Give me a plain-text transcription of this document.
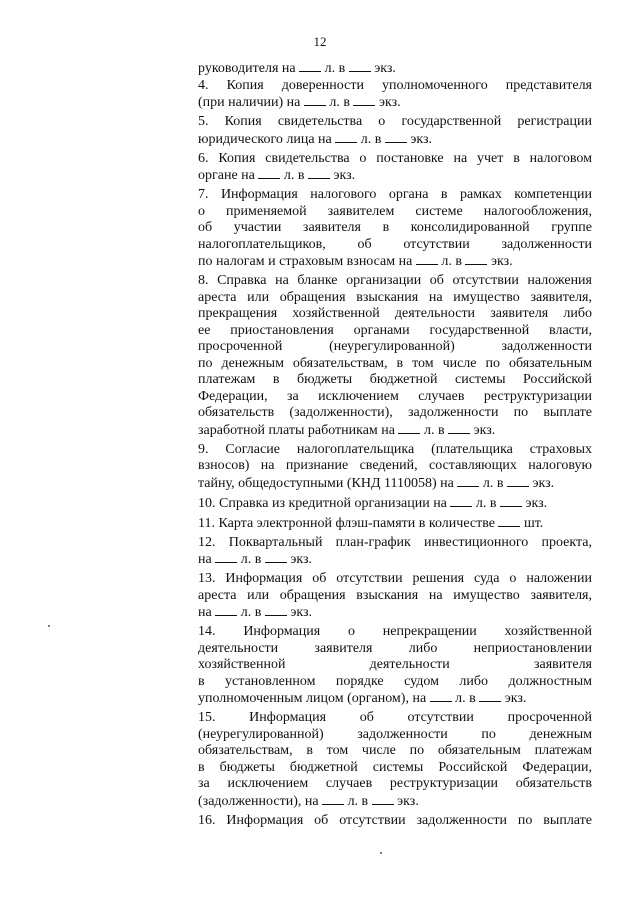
12
руководителя на  л. в  экз.
4. Копия доверенности уполномоченного представителя
(при наличии) на  л. в  экз.
5. Копия свидетельства о государственной регистрации
юридического лица на  л. в  экз.
6. Копия свидетельства о постановке на учет в налоговом
органе на  л. в  экз.
7. Информация налогового органа в рамках компетенции
о применяемой заявителем системе налогообложения,
об участии заявителя в консолидированной группе
налогоплательщиков, об отсутствии задолженности
по налогам и страховым взносам на  л. в  экз.
8. Справка на бланке организации об отсутствии наложения
ареста или обращения взыскания на имущество заявителя,
прекращения хозяйственной деятельности заявителя либо
ее приостановления органами государственной власти,
просроченной (неурегулированной) задолженности
по денежным обязательствам, в том числе по обязательным
платежам в бюджеты бюджетной системы Российской
Федерации, за исключением случаев реструктуризации
обязательств (задолженности), задолженности по выплате
заработной платы работникам на  л. в  экз.
9. Согласие налогоплательщика (плательщика страховых
взносов) на признание сведений, составляющих налоговую
тайну, общедоступными (КНД 1110058) на  л. в  экз.
10. Справка из кредитной организации на  л. в  экз.
11. Карта электронной флэш-памяти в количестве  шт.
12. Поквартальный план-график инвестиционного проекта,
на  л. в  экз.
13. Информация об отсутствии решения суда о наложении
ареста или обращения взыскания на имущество заявителя,
на  л. в  экз.
14. Информация о непрекращении хозяйственной
деятельности заявителя либо неприостановлении
хозяйственной деятельности заявителя
в установленном порядке судом либо должностным
уполномоченным лицом (органом), на  л. в  экз.
15. Информация об отсутствии просроченной
(неурегулированной) задолженности по денежным
обязательствам, в том числе по обязательным платежам
в бюджеты бюджетной системы Российской Федерации,
за исключением случаев реструктуризации обязательств
(задолженности), на  л. в  экз.
16. Информация об отсутствии задолженности по выплате
